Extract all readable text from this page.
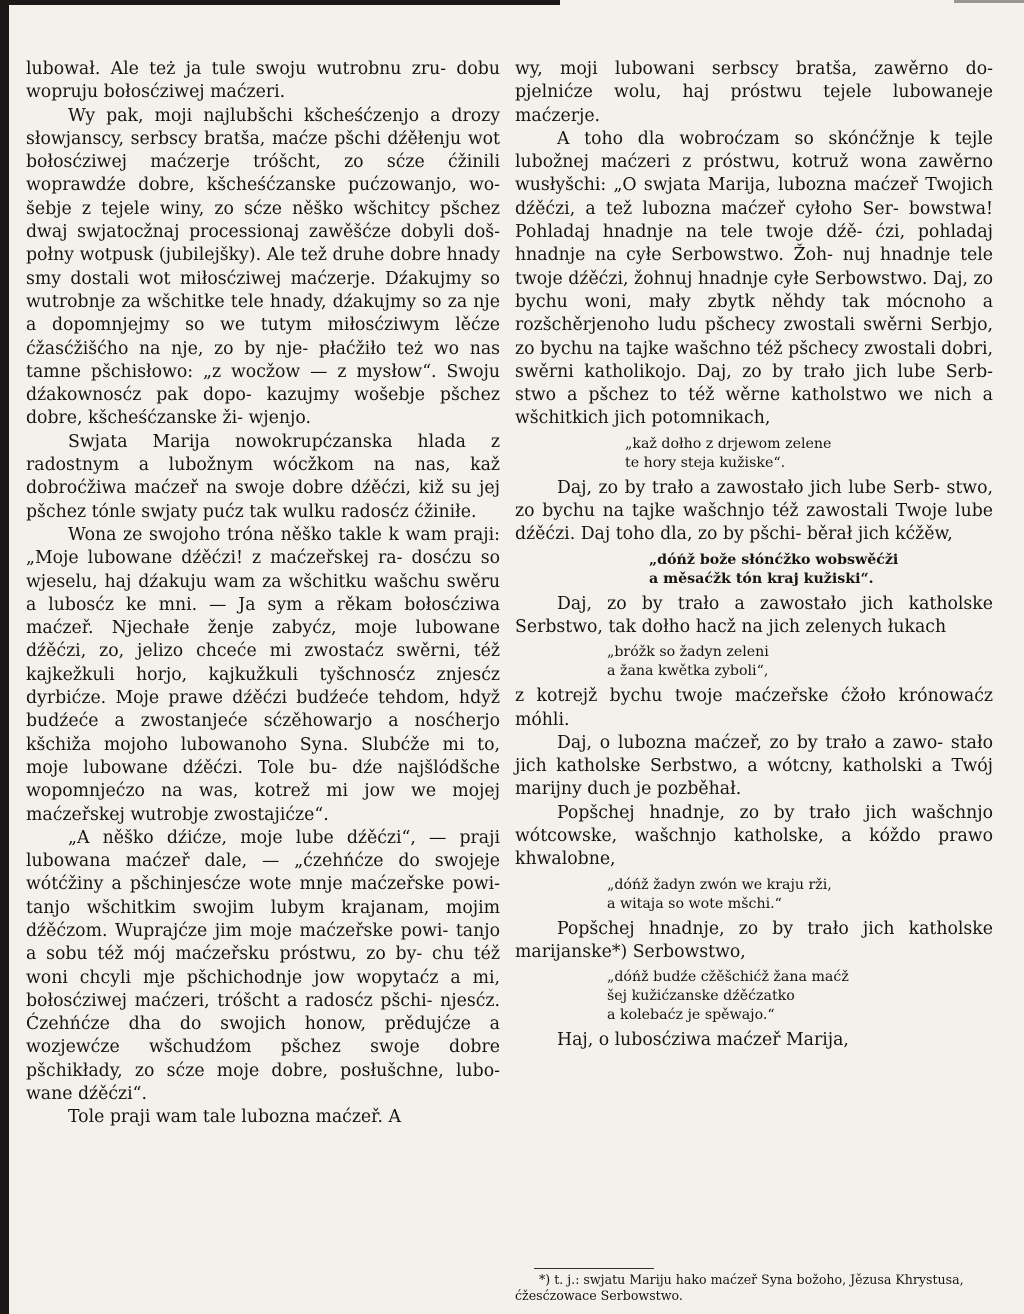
lubował. Ale też ja tule swoju wutrobnu zru- dobu wopruju bołosćziwej maćzeri.

Wy pak, moji najlubšchi kšcheśćzenjo a drozy słowjanscy, serbscy bratša, maćze pšchi dźěłenju wot bołosćziwej maćzerje tróšcht, zo sćze ćžinili woprawdźe dobre, kšcheśćzanske pućzowanjo, wo- šebje z tejele winy, zo sćze něško wšchitcy pšchez dwaj swjatocžnaj processionaj zawěšćze dobyli doš- połny wotpusk (jubilejšky). Ale tež druhe dobre hnady smy dostali wot miłosćziwej maćzerje. Dźakujmy so wutrobnje za wšchitke tele hnady, dźakujmy so za nje a dopomnjejmy so we tutym miłosćziwym lěćze ćžasćžišćho na nje, zo by nje- płaćžiło też wo nas tamne pšchisłowo: „z wocžow — z mysłow“. Swoju dźakownosćz pak dopo- kazujmy wošebje pšchez dobre, kšcheśćzanske ži- wjenjo.

Swjata Marija nowokrupćzanska hlada z radostnym a lubožnym wócžkom na nas, kaž dobroćžiwa maćzeř na swoje dobre dźěćzi, kiž su jej pšchez tónle swjaty pućz tak wulku radosćz ćžiniłe.

Wona ze swojoho tróna něško takle k wam praji: „Moje lubowane dźěćzi! z maćzeřskej ra- dosćzu so wjeselu, haj dźakuju wam za wšchitku wašchu swěru a lubosćz ke mni. — Ja sym a rěkam bołosćziwa maćzeř. Njechałe ženje zabyćz, moje lubowane dźěćzi, zo, jelizo chceće mi zwostaćz swěrni, též kajkežkuli horjo, kajkužkuli tyšchnosćz znjesćz dyrbićze. Moje prawe dźěćzi budźeće tehdom, hdyž budźeće a zwostanjeće sćzěhowarjo a nosćherjo kšchiža mojoho lubowanoho Syna. Slubćže mi to, moje lubowane dźěćzi. Tole bu- dźe najšlódšche wopomnjećzo na was, kotrež mi jow we mojej maćzeřskej wutrobje zwostajićze“.

„A něško dźićze, moje lube dźěćzi“, — praji lubowana maćzeř dale, — „ćzehńćze do swojeje wótćžiny a pšchinjesćze wote mnje maćzeřske powi- tanjo wšchitkim swojim lubym krajanam, mojim dźěćzom. Wuprajćze jim moje maćzeřske powi- tanjo a sobu též mój maćzeřsku próstwu, zo by- chu též woni chcyli mje pšchichodnje jow wopytaćz a mi, bołosćziwej maćzeri, tróšcht a radosćz pšchi- njesćz. Ćzehńćze dha do swojich honow, prědujćze a wozjewćze wšchudźom pšchez swoje dobre pšchikłady, zo sćze moje dobre, posłušchne, lubo- wane dźěćzi“.

Tole praji wam tale lubozna maćzeř. A

wy, moji lubowani serbscy bratša, zawěrno do- pjelnićze wolu, haj próstwu tejele lubowaneje maćzerje.

A toho dla wobroćzam so skónćžnje k tejle lubožnej maćzeri z próstwu, kotruž wona zawěrno wusłyšchi: „O swjata Marija, lubozna maćzeř Twojich dźěćzi, a tež lubozna maćzeř cyłoho Ser- bowstwa! Pohladaj hnadnje na tele twoje dźě- ćzi, pohladaj hnadnje na cyłe Serbowstwo. Žoh- nuj hnadnje tele twoje dźěćzi, žohnuj hnadnje cyłe Serbowstwo. Daj, zo bychu woni, mały zbytk něhdy tak mócnoho a rozšchěrjenoho ludu pšchecy zwostali swěrni Serbjo, zo bychu na tajke wašchno též pšchecy zwostali dobri, swěrni katholikojo. Daj, zo by trało jich lube Serb- stwo a pšchez to též wěrne katholstwo we nich a wšchitkich jich potomnikach,

„kaž dołho z drjewom zelene

te hory steja kužiske“.

Daj, zo by trało a zawostało jich lube Serb- stwo, zo bychu na tajke wašchnjo též zawostali Twoje lube dźěćzi. Daj toho dla, zo by pšchi- běrał jich kćžěw,

„dóńž bože słónćžko wobswěćži

a měsaćžk tón kraj kužiski“.

Daj, zo by trało a zawostało jich katholske Serbstwo, tak dołho hacž na jich zelenych łukach

„bróžk so žadyn zeleni

a žana kwětka zyboli“,

z kotrejž bychu twoje maćzeřske ćžoło krónowaćz móhli.

Daj, o lubozna maćzeř, zo by trało a zawo- stało jich katholske Serbstwo, a wótcny, katholski a Twój marijny duch je pozběhał.

Popšchej hnadnje, zo by trało jich wašchnjo wótcowske, wašchnjo katholske, a kóždo prawo khwalobne,

„dóńž žadyn zwón we kraju rži,

a witaja so wote mšchi.“

Popšchej hnadnje, zo by trało jich katholske marijanske*) Serbowstwo,

„dóńž budźe cžěšchićž žana maćž

šej kužićzanske dźěćzatko

a kolebaćz je spěwajo.“

Haj, o lubosćziwa maćzeř Marija,

*) t. j.: swjatu Mariju hako maćzeř Syna božoho, Jězusa Khrystusa, ćžesćzowace Serbowstwo.
